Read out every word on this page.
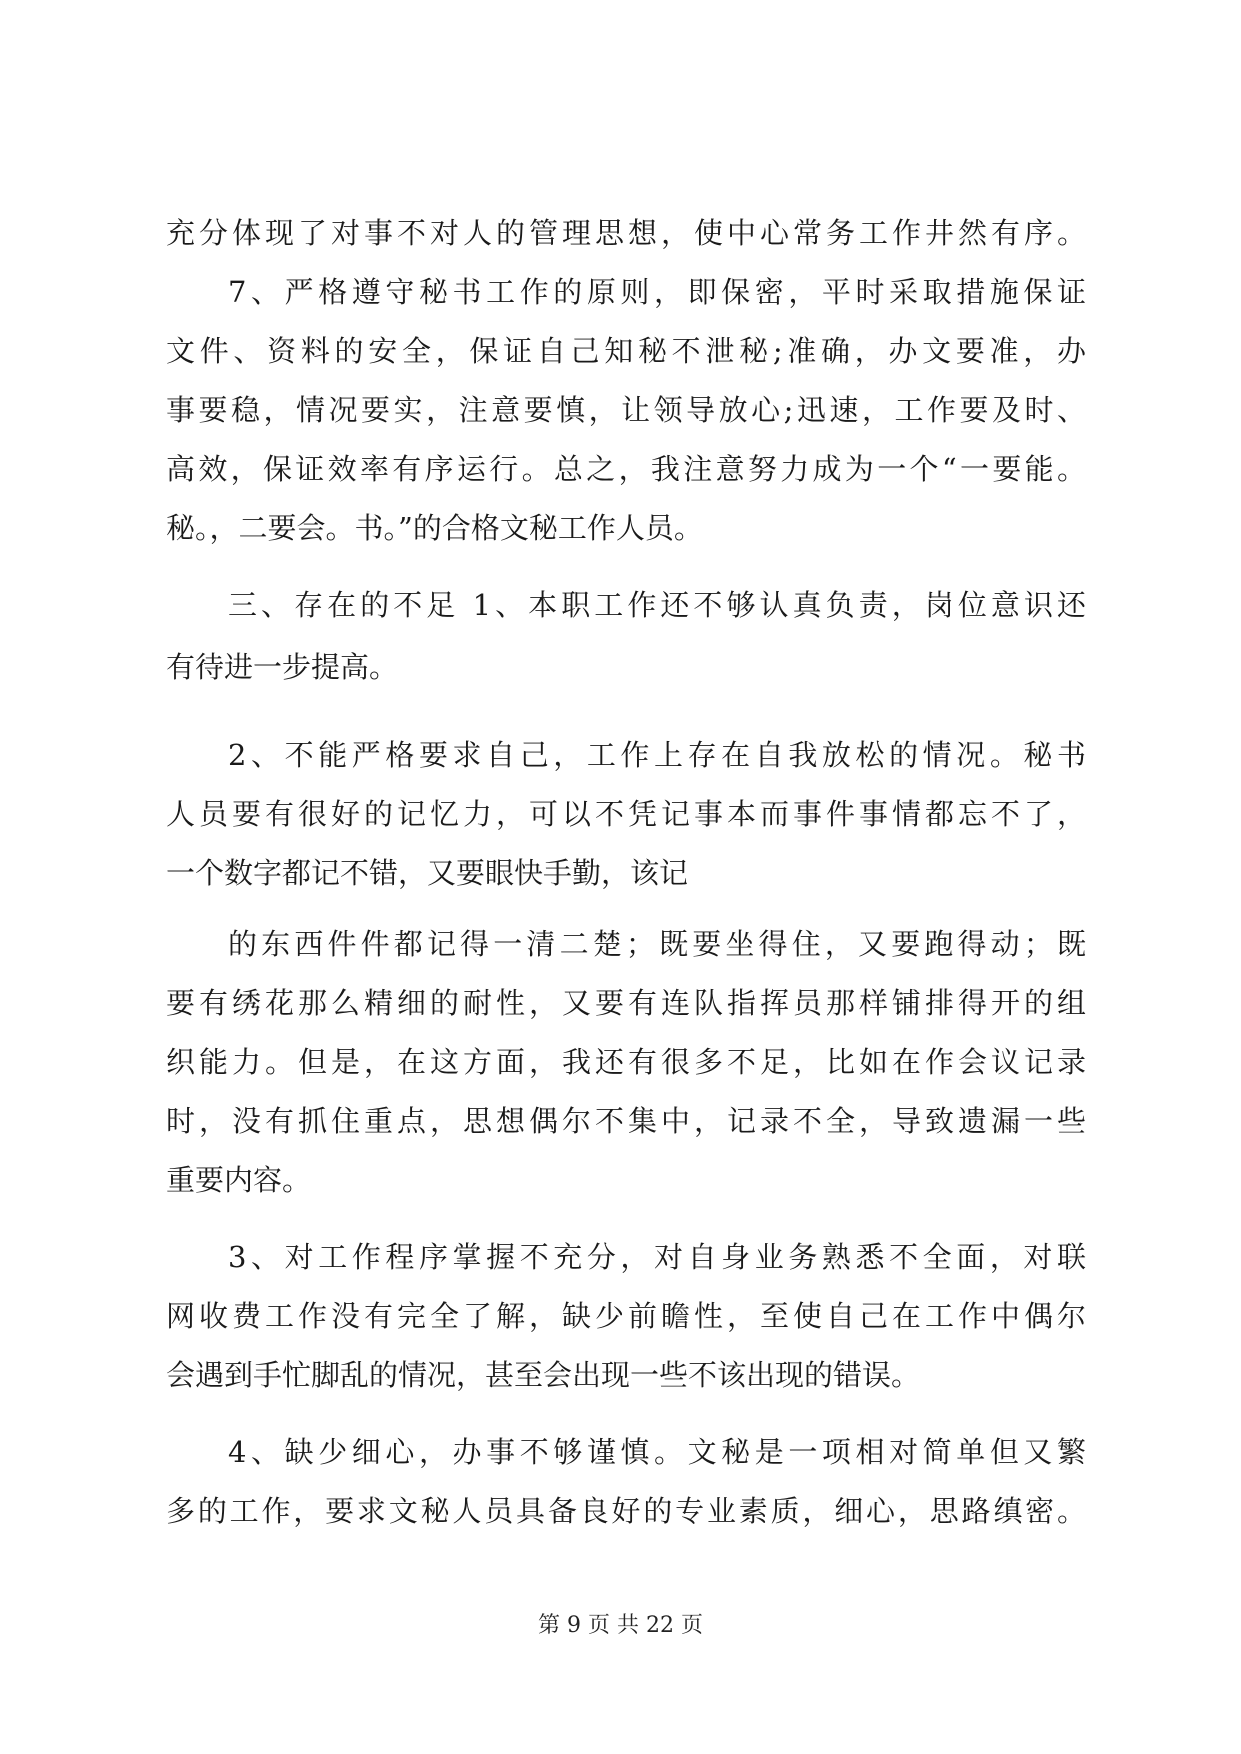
充分体现了对事不对人的管理思想，使中心常务工作井然有序。
7、严格遵守秘书工作的原则，即保密，平时采取措施保证
文件、资料的安全，保证自己知秘不泄秘;准确，办文要准，办
事要稳，情况要实，注意要慎，让领导放心;迅速，工作要及时、
高效，保证效率有序运行。总之，我注意努力成为一个“一要能。
秘。，二要会。书。”的合格文秘工作人员。
三、存在的不足 1、本职工作还不够认真负责，岗位意识还
有待进一步提高。
2、不能严格要求自己，工作上存在自我放松的情况。秘书
人员要有很好的记忆力，可以不凭记事本而事件事情都忘不了，
一个数字都记不错，又要眼快手勤，该记
的东西件件都记得一清二楚；既要坐得住，又要跑得动；既
要有绣花那么精细的耐性，又要有连队指挥员那样铺排得开的组
织能力。但是，在这方面，我还有很多不足，比如在作会议记录
时，没有抓住重点，思想偶尔不集中，记录不全，导致遗漏一些
重要内容。
3、对工作程序掌握不充分，对自身业务熟悉不全面，对联
网收费工作没有完全了解，缺少前瞻性，至使自己在工作中偶尔
会遇到手忙脚乱的情况，甚至会出现一些不该出现的错误。
4、缺少细心，办事不够谨慎。文秘是一项相对简单但又繁
多的工作，要求文秘人员具备良好的专业素质，细心，思路缜密。
第 9 页 共 22 页
